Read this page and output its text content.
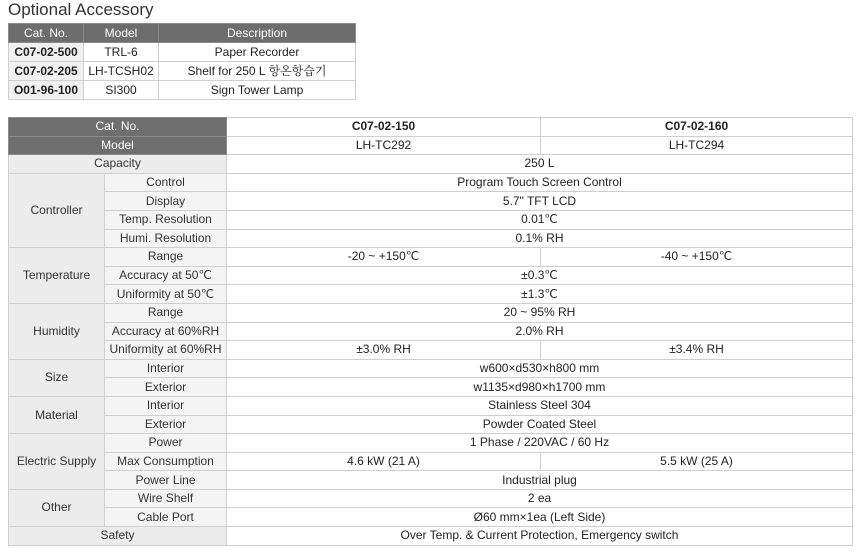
Optional Accessory
Cat. No.	Model	Description
C07-02-500	TRL-6	Paper Recorder
C07-02-205	LH-TCSH02	Shelf for 250 L 항온항습기
O01-96-100	SI300	Sign Tower Lamp
Cat. No.		C07-02-150	C07-02-160
Model		LH-TC292	LH-TC294
Capacity		250 L	
Controller	Control	Program Touch Screen Control	
	Display	5.7" TFT LCD	
	Temp. Resolution	0.01℃	
	Humi. Resolution	0.1% RH	
Temperature	Range	-20 ~ +150℃	-40 ~ +150℃
	Accuracy at 50℃	±0.3℃	
	Uniformity at 50℃	±1.3℃	
Humidity	Range	20 ~ 95% RH	
	Accuracy at 60%RH	2.0% RH	
	Uniformity at 60%RH	±3.0% RH	±3.4% RH
Size	Interior	w600×d530×h800 mm	
	Exterior	w1135×d980×h1700 mm	
Material	Interior	Stainless Steel 304	
	Exterior	Powder Coated Steel	
Electric Supply	Power	1 Phase / 220VAC / 60 Hz	
	Max Consumption	4.6 kW (21 A)	5.5 kW (25 A)
	Power Line	Industrial plug	
Other	Wire Shelf	2 ea	
	Cable Port	Ø60 mm×1ea (Left Side)	
Safety		Over Temp. & Current Protection, Emergency switch	
